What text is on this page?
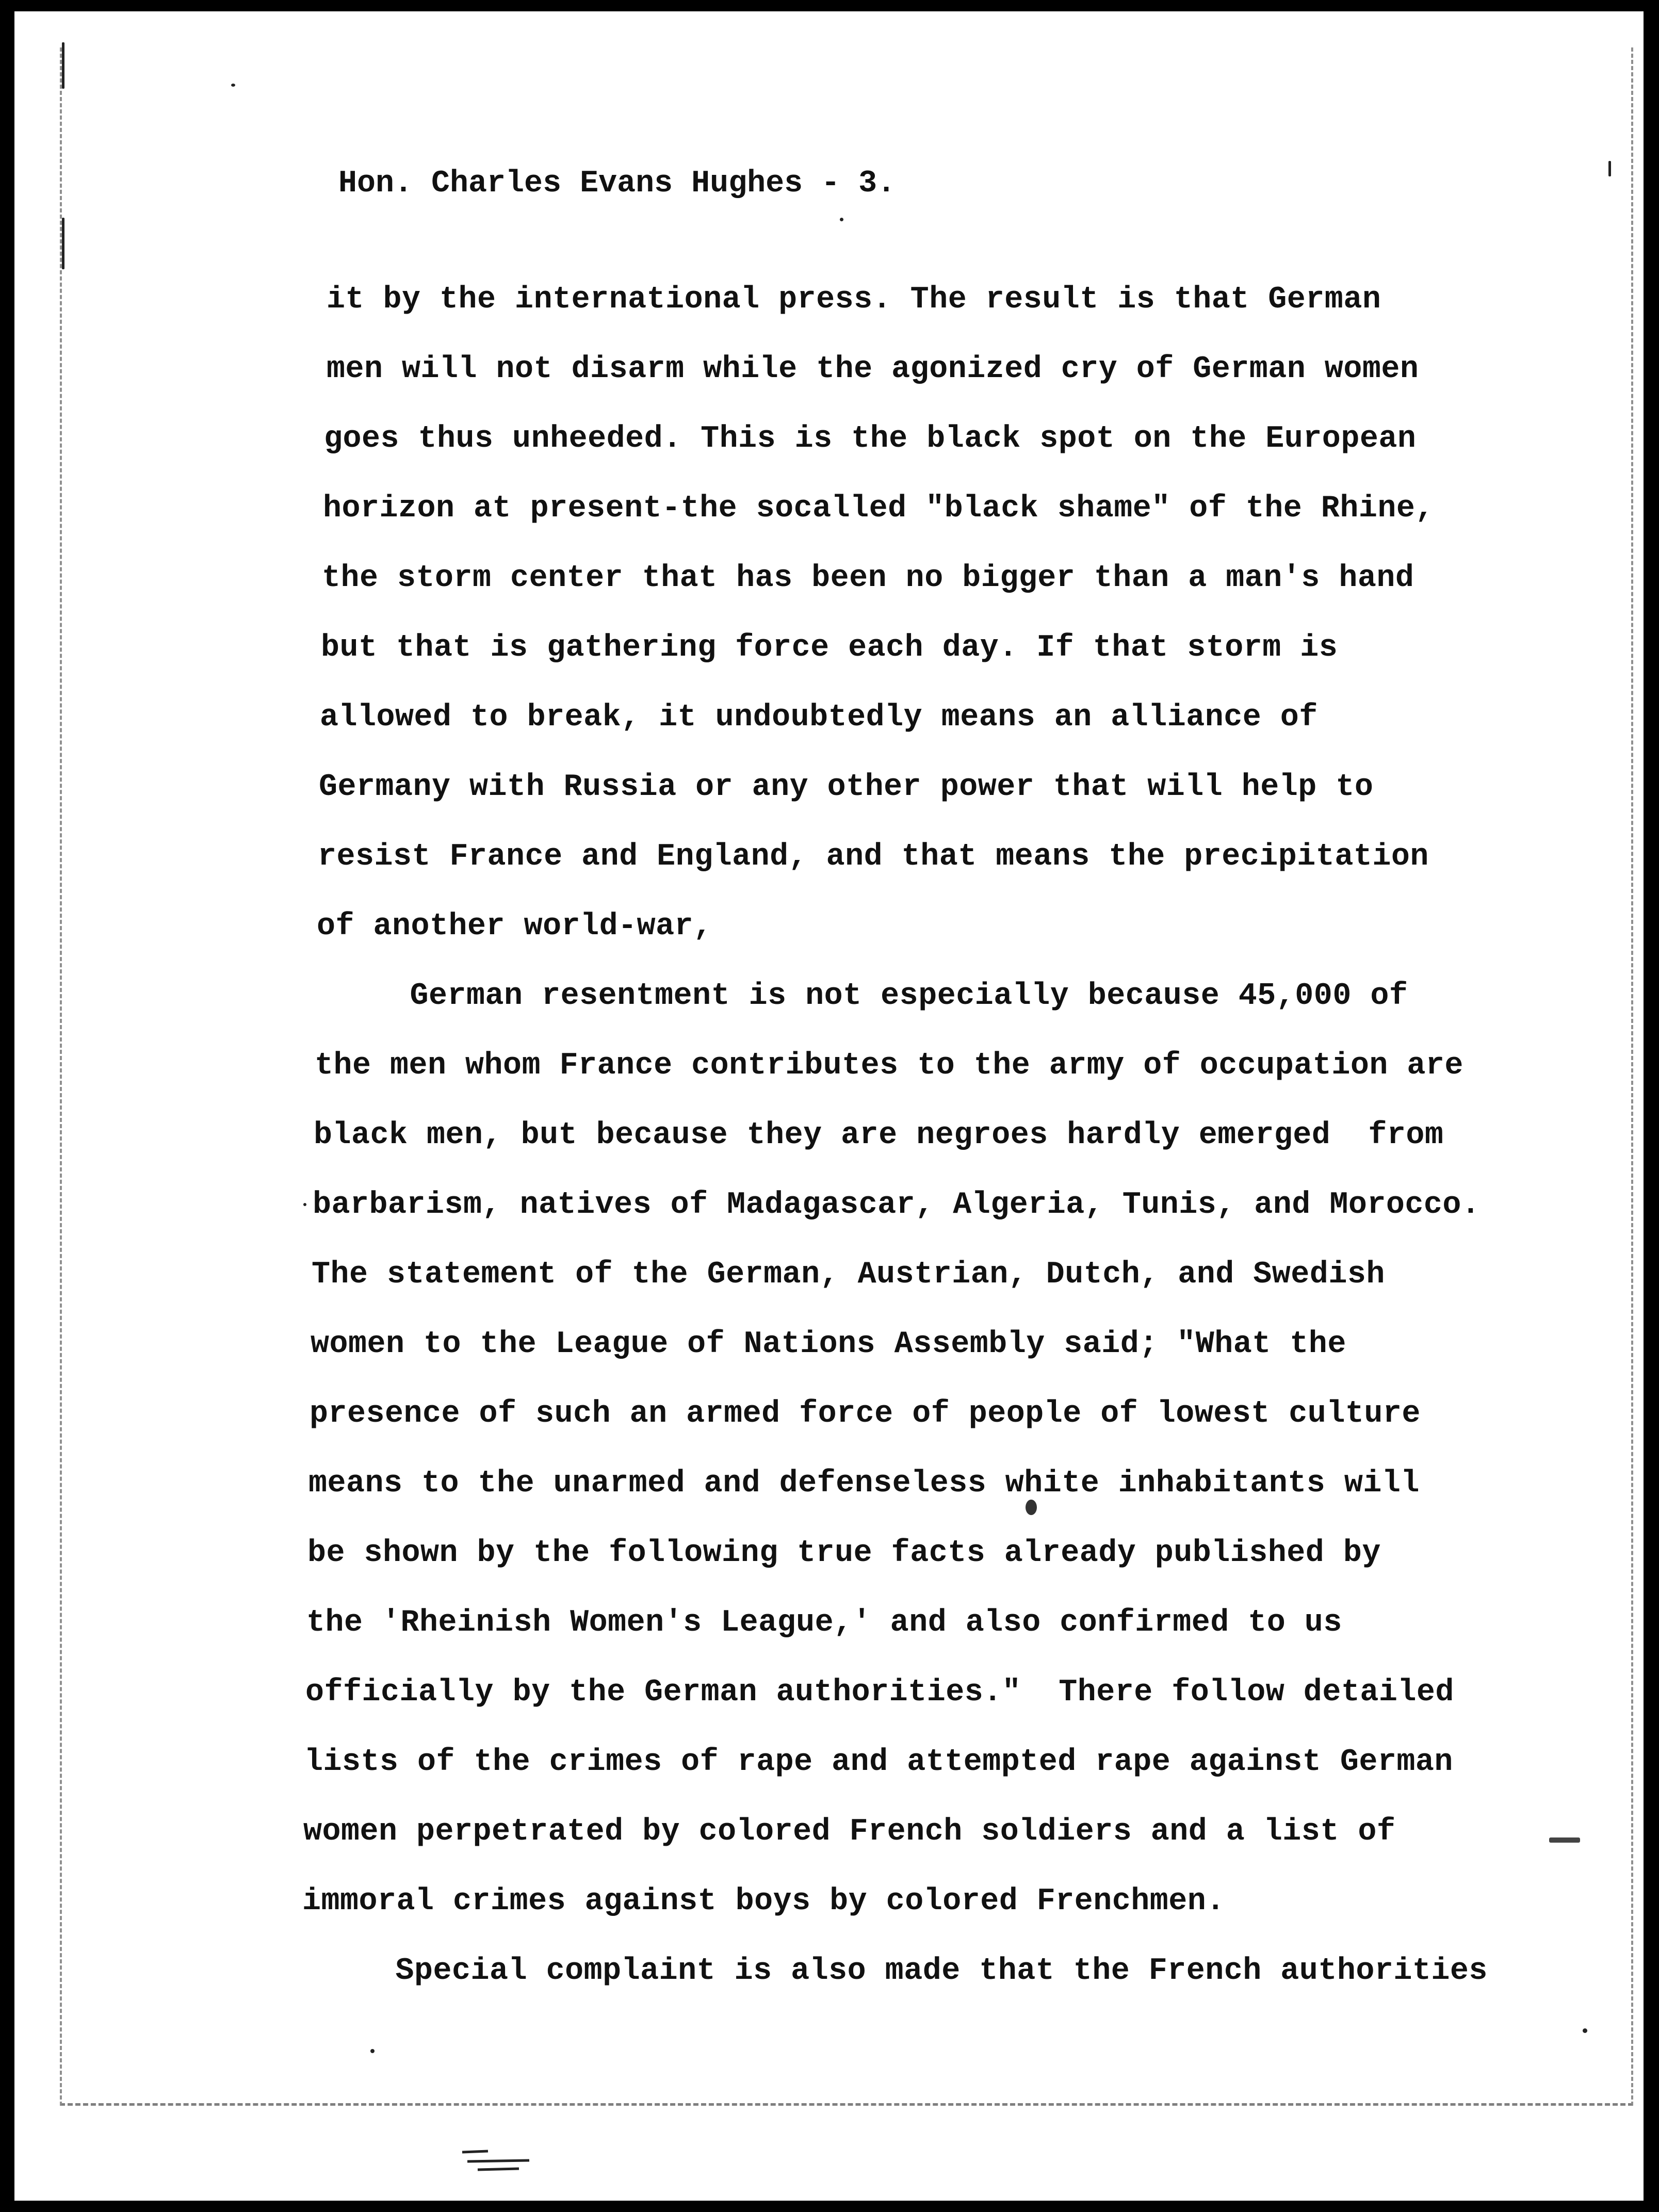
Hon. Charles Evans Hughes - 3.
it by the international press. The result is that German
men will not disarm while the agonized cry of German women
goes thus unheeded. This is the black spot on the European
horizon at present-the socalled "black shame" of the Rhine,
the storm center that has been no bigger than a man's hand
but that is gathering force each day. If that storm is
allowed to break, it undoubtedly means an alliance of
Germany with Russia or any other power that will help to
resist France and England, and that means the precipitation
of another world-war,
German resentment is not especially because 45,000 of
the men whom France contributes to the army of occupation are
black men, but because they are negroes hardly emerged  from
barbarism, natives of Madagascar, Algeria, Tunis, and Morocco.
The statement of the German, Austrian, Dutch, and Swedish
women to the League of Nations Assembly said; "What the
presence of such an armed force of people of lowest culture
means to the unarmed and defenseless white inhabitants will
be shown by the following true facts already published by
the 'Rheinish Women's League,' and also confirmed to us
officially by the German authorities."  There follow detailed
lists of the crimes of rape and attempted rape against German
women perpetrated by colored French soldiers and a list of
immoral crimes against boys by colored Frenchmen.
Special complaint is also made that the French authorities
